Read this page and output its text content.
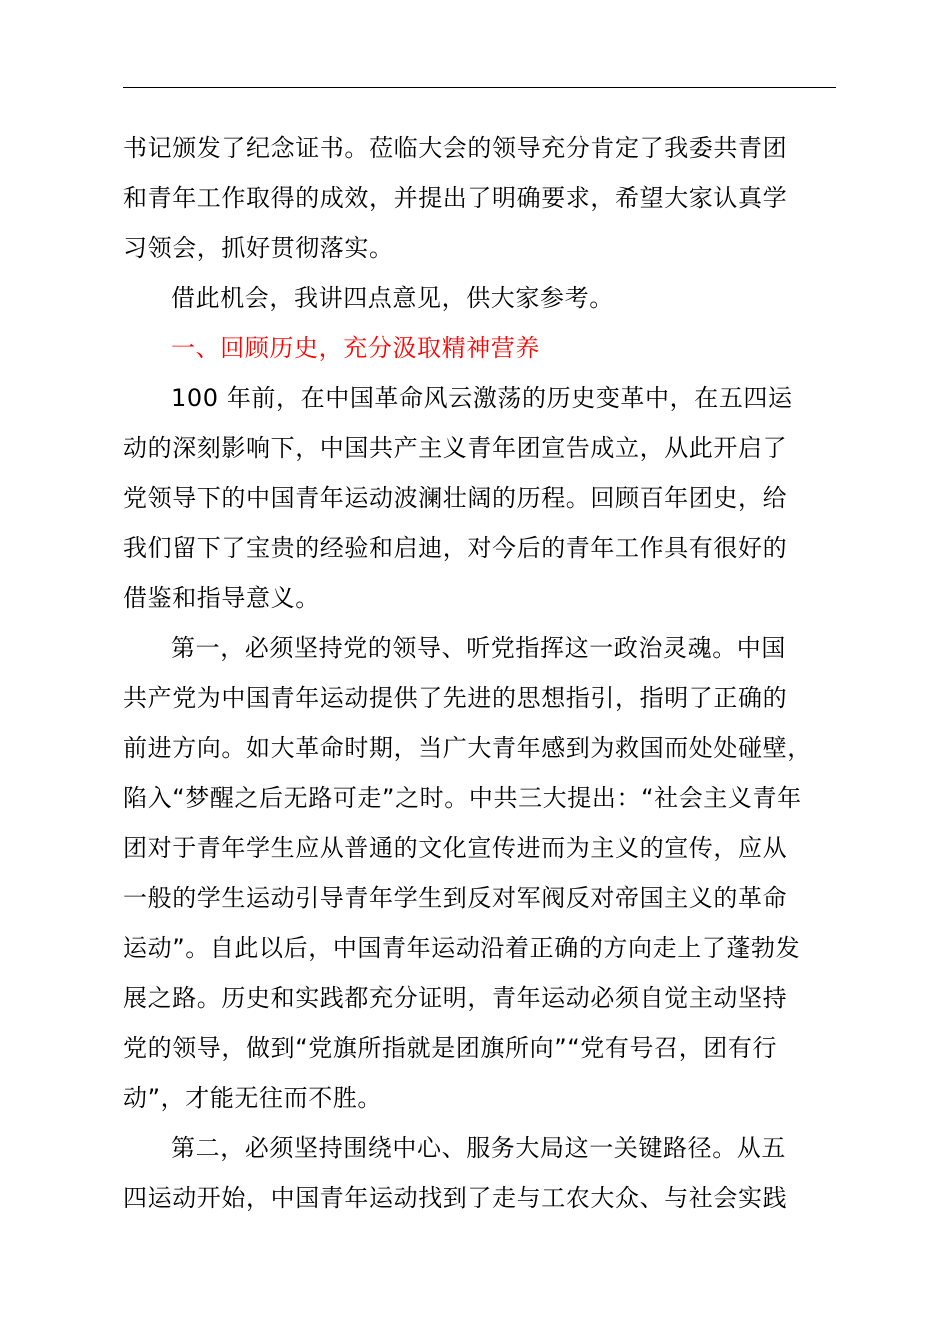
书记颁发了纪念证书。莅临大会的领导充分肯定了我委共青团
和青年工作取得的成效，并提出了明确要求，希望大家认真学
习领会，抓好贯彻落实。
借此机会，我讲四点意见，供大家参考。
一、回顾历史，充分汲取精神营养
100 年前，在中国革命风云激荡的历史变革中，在五四运
动的深刻影响下，中国共产主义青年团宣告成立，从此开启了
党领导下的中国青年运动波澜壮阔的历程。回顾百年团史，给
我们留下了宝贵的经验和启迪，对今后的青年工作具有很好的
借鉴和指导意义。
第一，必须坚持党的领导、听党指挥这一政治灵魂。中国
共产党为中国青年运动提供了先进的思想指引，指明了正确的
前进方向。如大革命时期，当广大青年感到为救国而处处碰壁，
陷入“梦醒之后无路可走”之时。中共三大提出：“社会主义青年
团对于青年学生应从普通的文化宣传进而为主义的宣传，应从
一般的学生运动引导青年学生到反对军阀反对帝国主义的革命
运动”。自此以后，中国青年运动沿着正确的方向走上了蓬勃发
展之路。历史和实践都充分证明，青年运动必须自觉主动坚持
党的领导，做到“党旗所指就是团旗所向”“党有号召，团有行
动”，才能无往而不胜。
第二，必须坚持围绕中心、服务大局这一关键路径。从五
四运动开始，中国青年运动找到了走与工农大众、与社会实践
